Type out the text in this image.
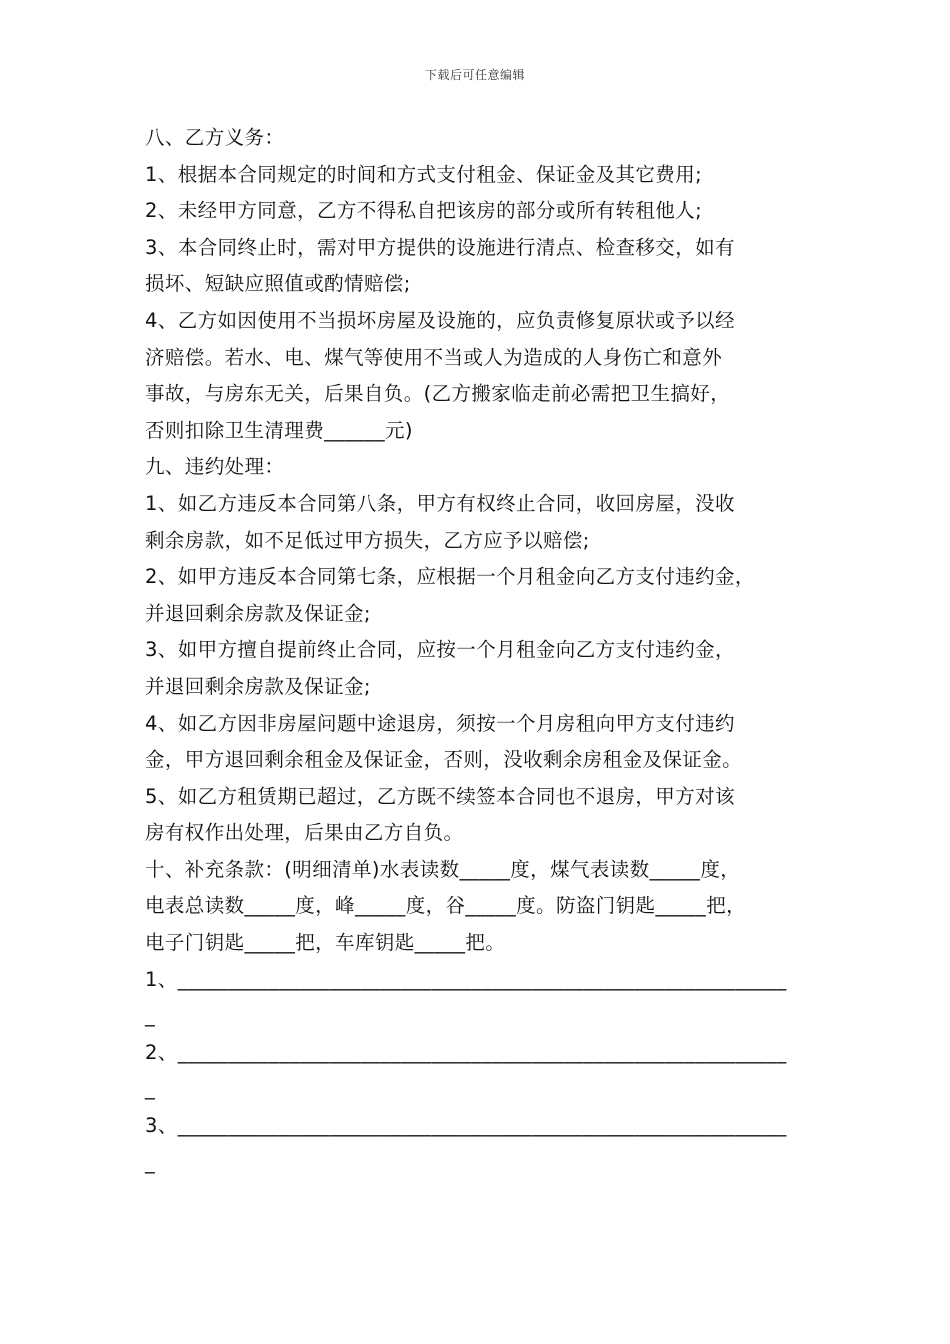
下载后可任意编辑
八、乙方义务：
1、根据本合同规定的时间和方式支付租金、保证金及其它费用;
2、未经甲方同意，乙方不得私自把该房的部分或所有转租他人;
3、本合同终止时，需对甲方提供的设施进行清点、检查移交，如有
损坏、短缺应照值或酌情赔偿;
4、乙方如因使用不当损坏房屋及设施的，应负责修复原状或予以经
济赔偿。若水、电、煤气等使用不当或人为造成的人身伤亡和意外
事故，与房东无关，后果自负。(乙方搬家临走前必需把卫生搞好，
否则扣除卫生清理费______元)
九、违约处理：
1、如乙方违反本合同第八条，甲方有权终止合同，收回房屋，没收
剩余房款，如不足低过甲方损失，乙方应予以赔偿;
2、如甲方违反本合同第七条，应根据一个月租金向乙方支付违约金，
并退回剩余房款及保证金;
3、如甲方擅自提前终止合同，应按一个月租金向乙方支付违约金，
并退回剩余房款及保证金;
4、如乙方因非房屋问题中途退房，须按一个月房租向甲方支付违约
金，甲方退回剩余租金及保证金，否则，没收剩余房租金及保证金。
5、如乙方租赁期已超过，乙方既不续签本合同也不退房，甲方对该
房有权作出处理，后果由乙方自负。
十、补充条款：(明细清单)水表读数_____度，煤气表读数_____度，
电表总读数_____度，峰_____度，谷_____度。防盗门钥匙_____把，
电子门钥匙_____把，车库钥匙_____把。
1、____________________________________________________________
_
2、____________________________________________________________
_
3、____________________________________________________________
_
